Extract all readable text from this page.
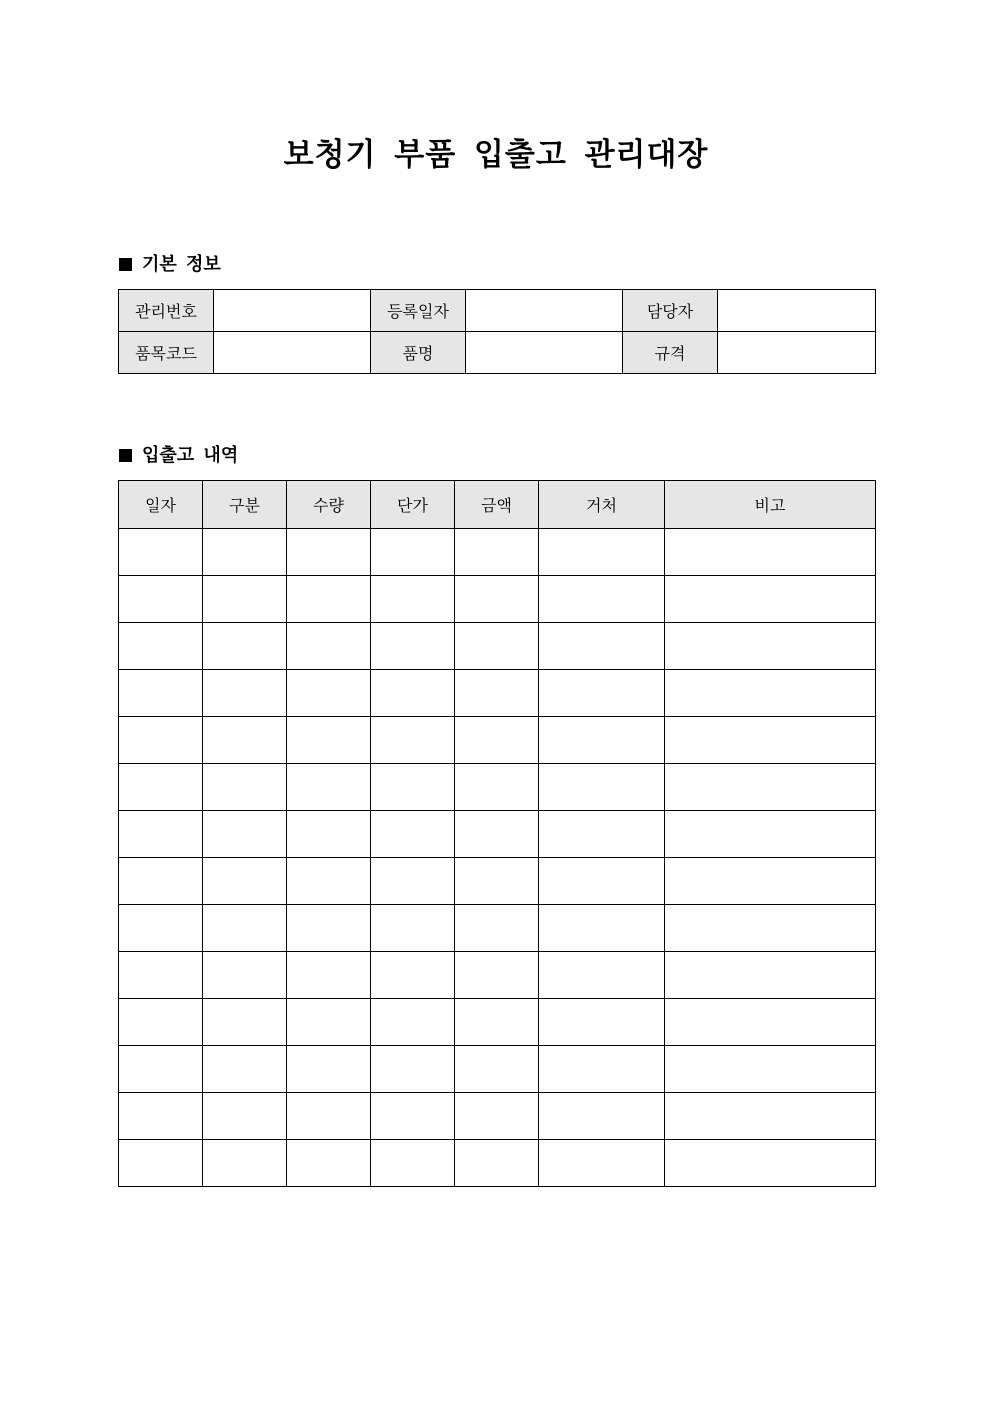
보청기 부품 입출고 관리대장
기본 정보
관리번호		등록일자		담당자	
품목코드		품명		규격	
입출고 내역
일자	구분	수량	단가	금액	거처	비고
